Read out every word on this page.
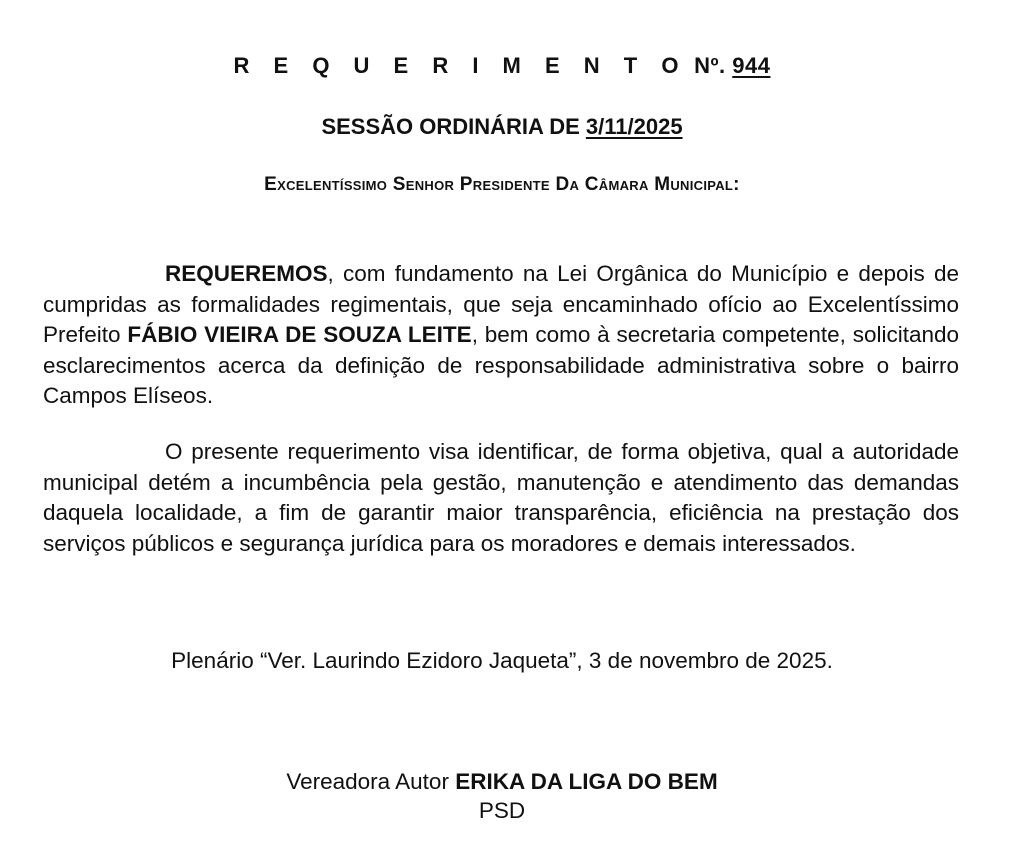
R E Q U E R I M E N T O Nº. 944
SESSÃO ORDINÁRIA DE 3/11/2025
Excelentíssimo Senhor Presidente Da Câmara Municipal:
REQUEREMOS, com fundamento na Lei Orgânica do Município e depois de cumpridas as formalidades regimentais, que seja encaminhado ofício ao Excelentíssimo Prefeito FÁBIO VIEIRA DE SOUZA LEITE, bem como à secretaria competente, solicitando esclarecimentos acerca da definição de responsabilidade administrativa sobre o bairro Campos Elíseos.
O presente requerimento visa identificar, de forma objetiva, qual a autoridade municipal detém a incumbência pela gestão, manutenção e atendimento das demandas daquela localidade, a fim de garantir maior transparência, eficiência na prestação dos serviços públicos e segurança jurídica para os moradores e demais interessados.
Plenário “Ver. Laurindo Ezidoro Jaqueta”, 3 de novembro de 2025.
Vereadora Autor ERIKA DA LIGA DO BEM
PSD
